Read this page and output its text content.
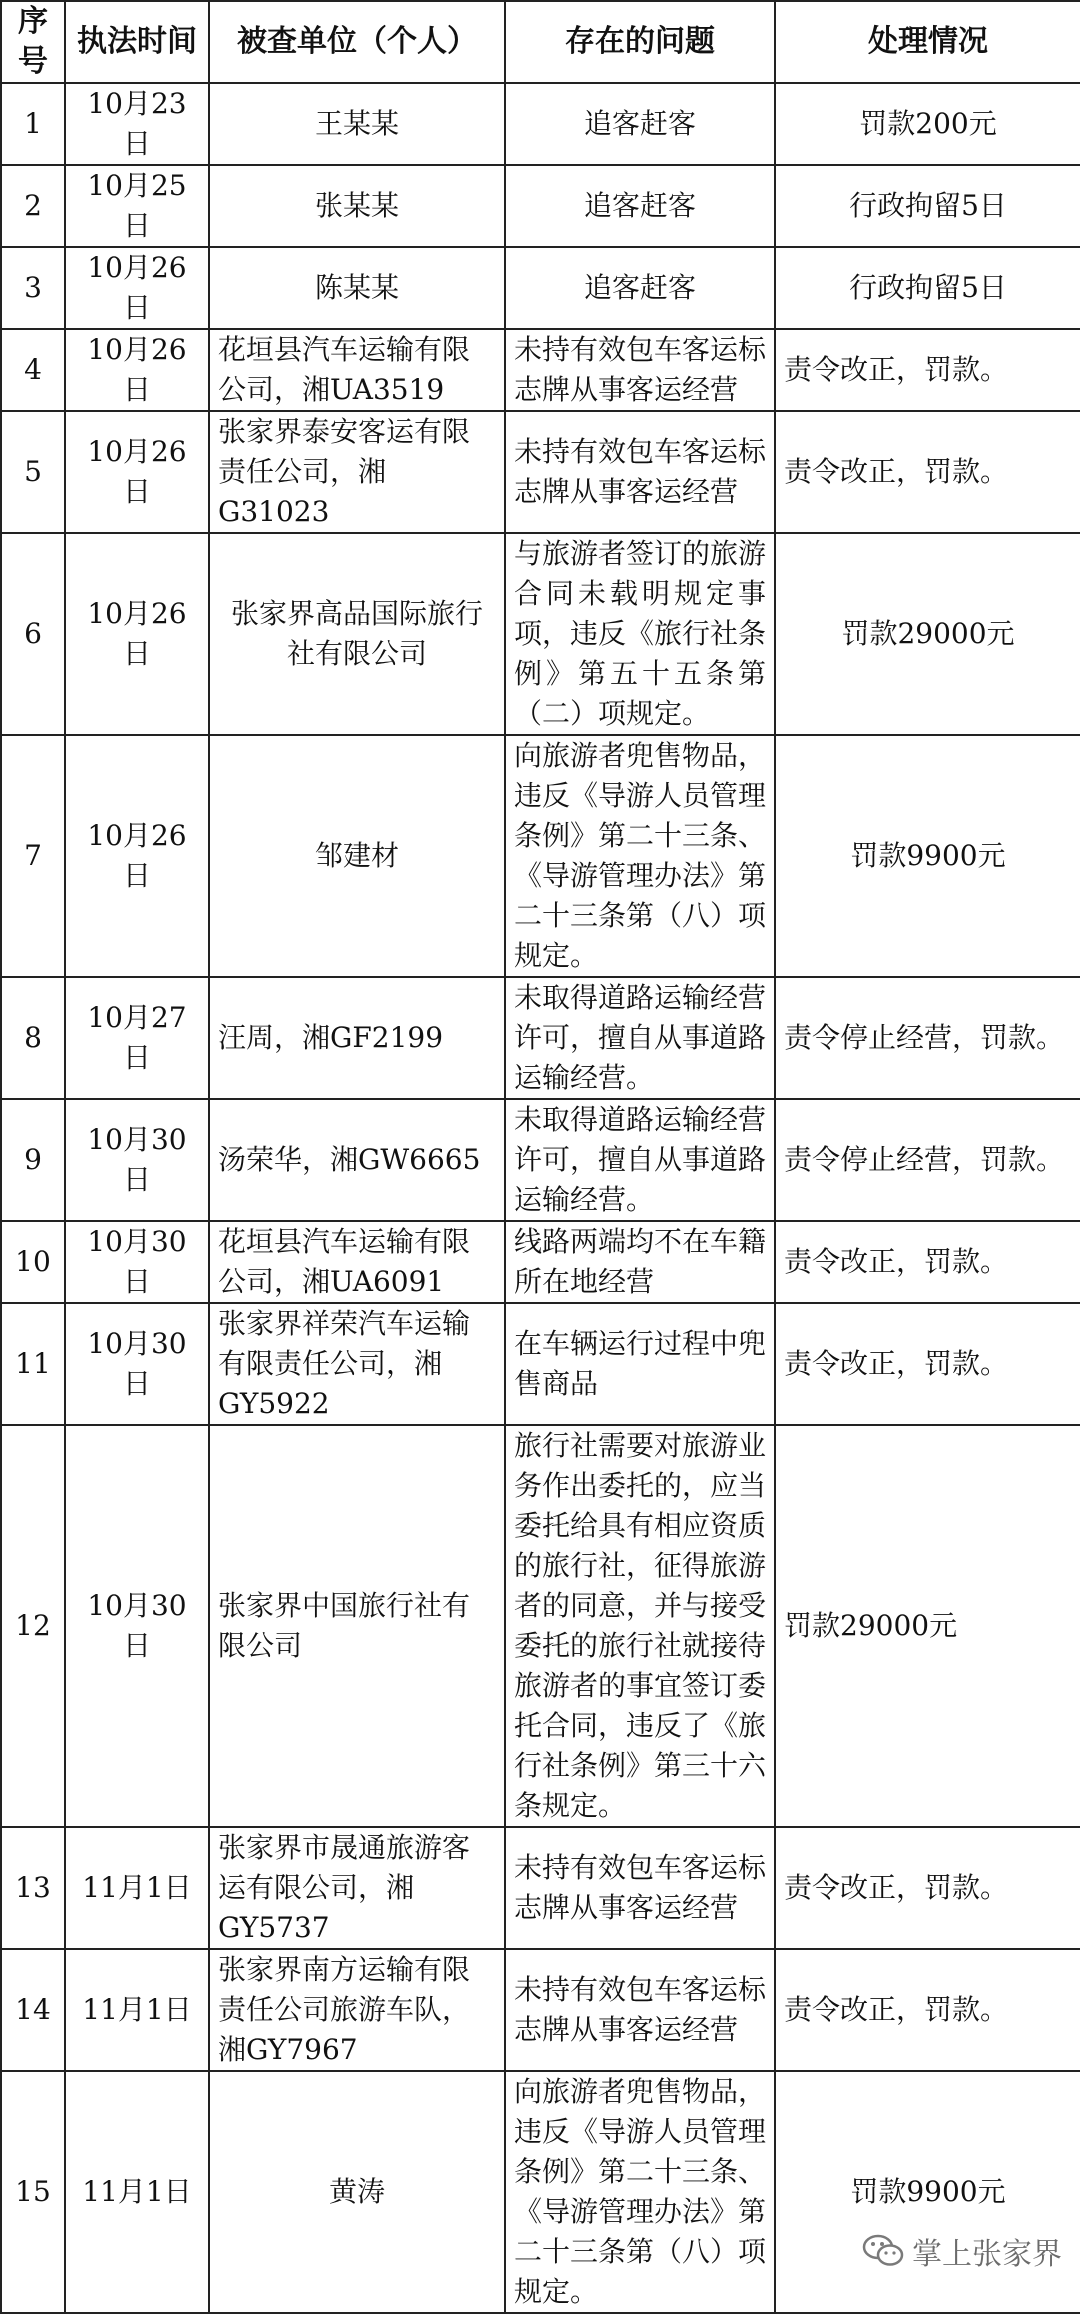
序号	执法时间	被查单位（个人）	存在的问题	处理情况
1	10月23日	王某某	追客赶客	罚款200元
2	10月25日	张某某	追客赶客	行政拘留5日
3	10月26日	陈某某	追客赶客	行政拘留5日
4	10月26日	花垣县汽车运输有限公司，湘UA3519	未持有效包车客运标志牌从事客运经营	责令改正，罚款。
5	10月26日	张家界泰安客运有限责任公司，湘G31023	未持有效包车客运标志牌从事客运经营	责令改正，罚款。
6	10月26日	张家界高品国际旅行社有限公司	与旅游者签订的旅游合同未载明规定事项，违反《旅行社条例》第五十五条第（二）项规定。	罚款29000元
7	10月26日	邹建材	向旅游者兜售物品，违反《导游人员管理条例》第二十三条、《导游管理办法》第二十三条第（八）项规定。	罚款9900元
8	10月27日	汪周，湘GF2199	未取得道路运输经营许可，擅自从事道路运输经营。	责令停止经营，罚款。
9	10月30日	汤荣华，湘GW6665	未取得道路运输经营许可，擅自从事道路运输经营。	责令停止经营，罚款。
10	10月30日	花垣县汽车运输有限公司，湘UA6091	线路两端均不在车籍所在地经营	责令改正，罚款。
11	10月30日	张家界祥荣汽车运输有限责任公司，湘GY5922	在车辆运行过程中兜售商品	责令改正，罚款。
12	10月30日	张家界中国旅行社有限公司	旅行社需要对旅游业务作出委托的，应当委托给具有相应资质的旅行社，征得旅游者的同意，并与接受委托的旅行社就接待旅游者的事宜签订委托合同，违反了《旅行社条例》第三十六条规定。	罚款29000元
13	11月1日	张家界市晟通旅游客运有限公司，湘GY5737	未持有效包车客运标志牌从事客运经营	责令改正，罚款。
14	11月1日	张家界南方运输有限责任公司旅游车队，湘GY7967	未持有效包车客运标志牌从事客运经营	责令改正，罚款。
15	11月1日	黄涛	向旅游者兜售物品，违反《导游人员管理条例》第二十三条、《导游管理办法》第二十三条第（八）项规定。	罚款9900元
掌上张家界
